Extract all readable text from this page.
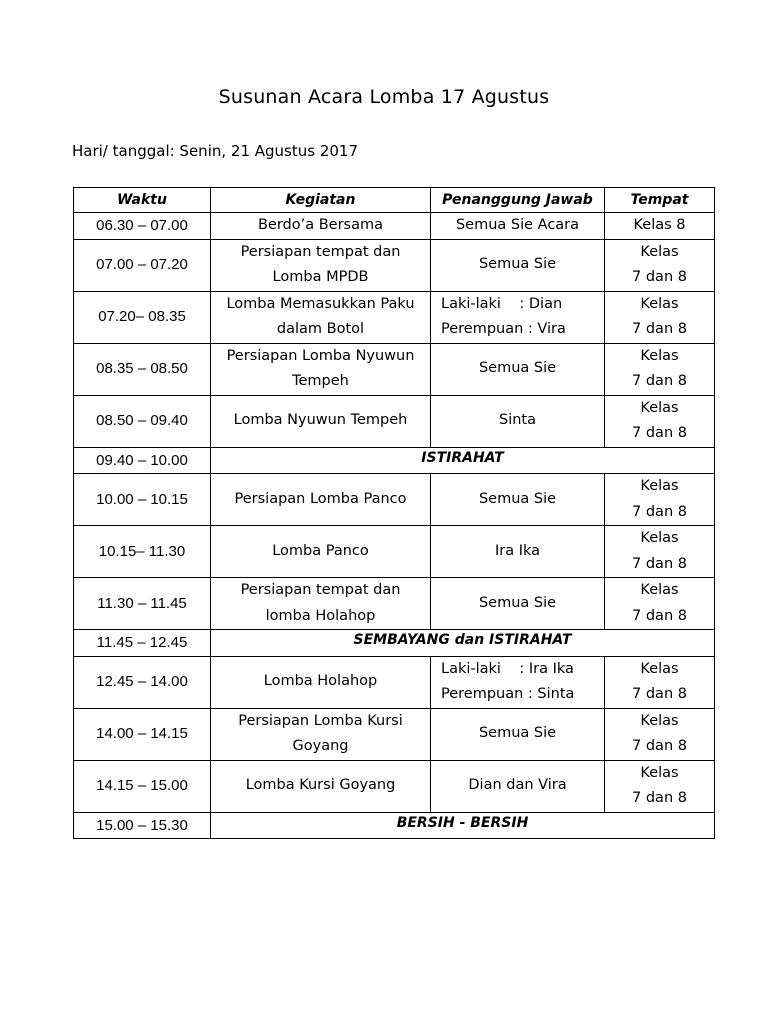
Susunan Acara Lomba 17 Agustus
Hari/ tanggal: Senin, 21 Agustus 2017
Waktu	Kegiatan	Penanggung Jawab	Tempat
06.30 – 07.00	Berdo’a Bersama	Semua Sie Acara	Kelas 8

07.00 – 07.20	Persiapan tempat dan
Lomba MPDB	Semua Sie	Kelas
7 dan 8

07.20– 08.35	Lomba Memasukkan Paku
dalam Botol	Laki-laki    : Dian
Perempuan : Vira	Kelas
7 dan 8

08.35 – 08.50	Persiapan Lomba Nyuwun
Tempeh	Semua Sie	Kelas
7 dan 8

08.50 – 09.40	Lomba Nyuwun Tempeh	Sinta	Kelas
7 dan 8

09.40 – 10.00	ISTIRAHAT		
10.00 – 10.15	Persiapan Lomba Panco	Semua Sie	Kelas
7 dan 8

10.15– 11.30	Lomba Panco	Ira Ika	Kelas
7 dan 8

11.30 – 11.45	Persiapan tempat dan
lomba Holahop	Semua Sie	Kelas
7 dan 8

11.45 – 12.45	SEMBAYANG dan ISTIRAHAT		
12.45 – 14.00	Lomba Holahop	Laki-laki    : Ira Ika
Perempuan : Sinta	Kelas
7 dan 8

14.00 – 14.15	Persiapan Lomba Kursi
Goyang	Semua Sie	Kelas
7 dan 8

14.15 – 15.00	Lomba Kursi Goyang	Dian dan Vira	Kelas
7 dan 8

15.00 – 15.30	BERSIH - BERSIH		
